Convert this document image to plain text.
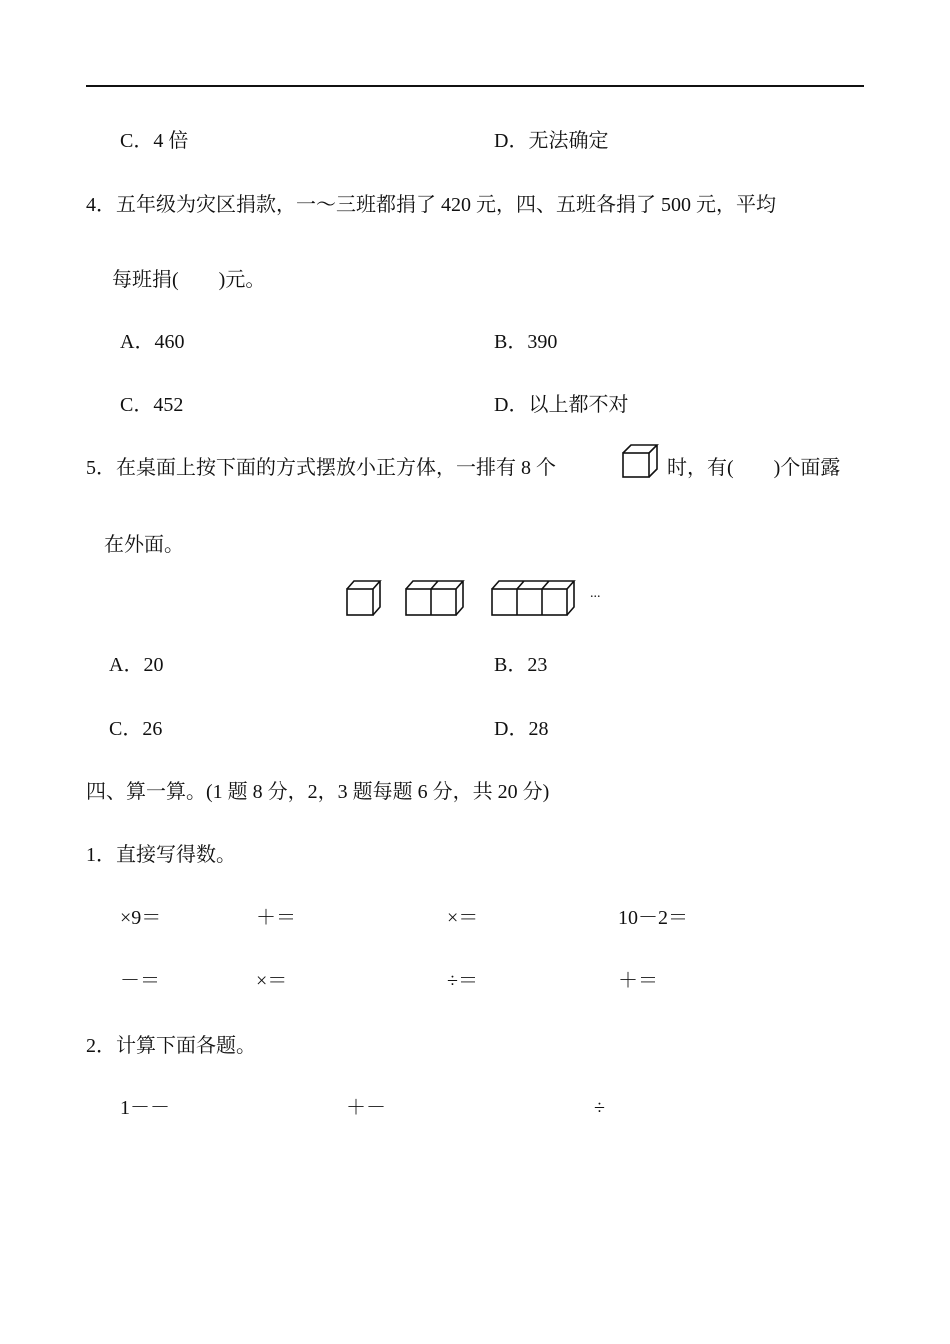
C．4 倍	D．无法确定
4．五年级为灾区捐款，一～三班都捐了 420 元，四、五班各捐了 500 元，平均
每班捐(　　)元。
A．460	B．390
C．452	D．以上都不对
5．在桌面上按下面的方式摆放小正方体，一排有 8 个	时，有(　　)个面露
在外面。
...
A．20	B．23
C．26	D．28
四、算一算。(1 题 8 分，2，3 题每题 6 分，共 20 分)
1．直接写得数。
×9＝	＋＝	×＝	10－2＝
－＝	×＝	÷＝	＋＝
2．计算下面各题。
1－－	＋－	÷
